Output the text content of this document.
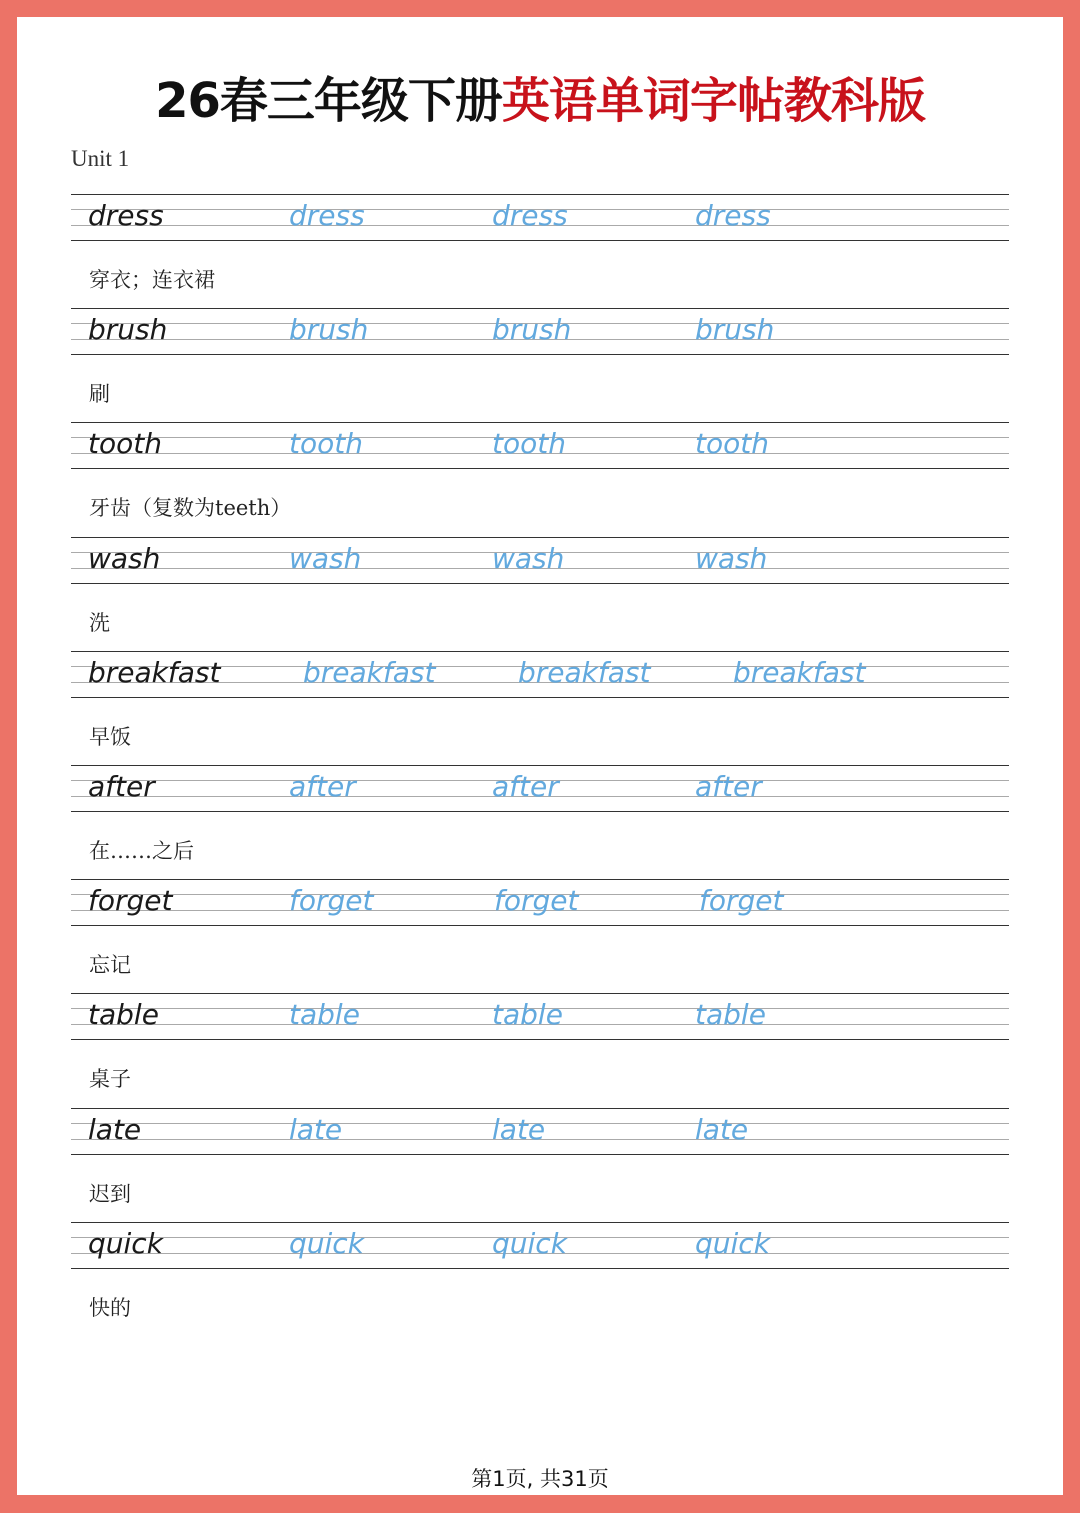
26春三年级下册英语单词字帖教科版
Unit 1
dress	dress	dress	dress
穿衣；连衣裙
brush	brush	brush	brush
刷
tooth	tooth	tooth	tooth
牙齿（复数为teeth）
wash	wash	wash	wash
洗
breakfast	breakfast	breakfast	breakfast
早饭
after	after	after	after
在……之后
forget	forget	forget	forget
忘记
table	table	table	table
桌子
late	late	late	late
迟到
quick	quick	quick	quick
快的
第1页, 共31页
